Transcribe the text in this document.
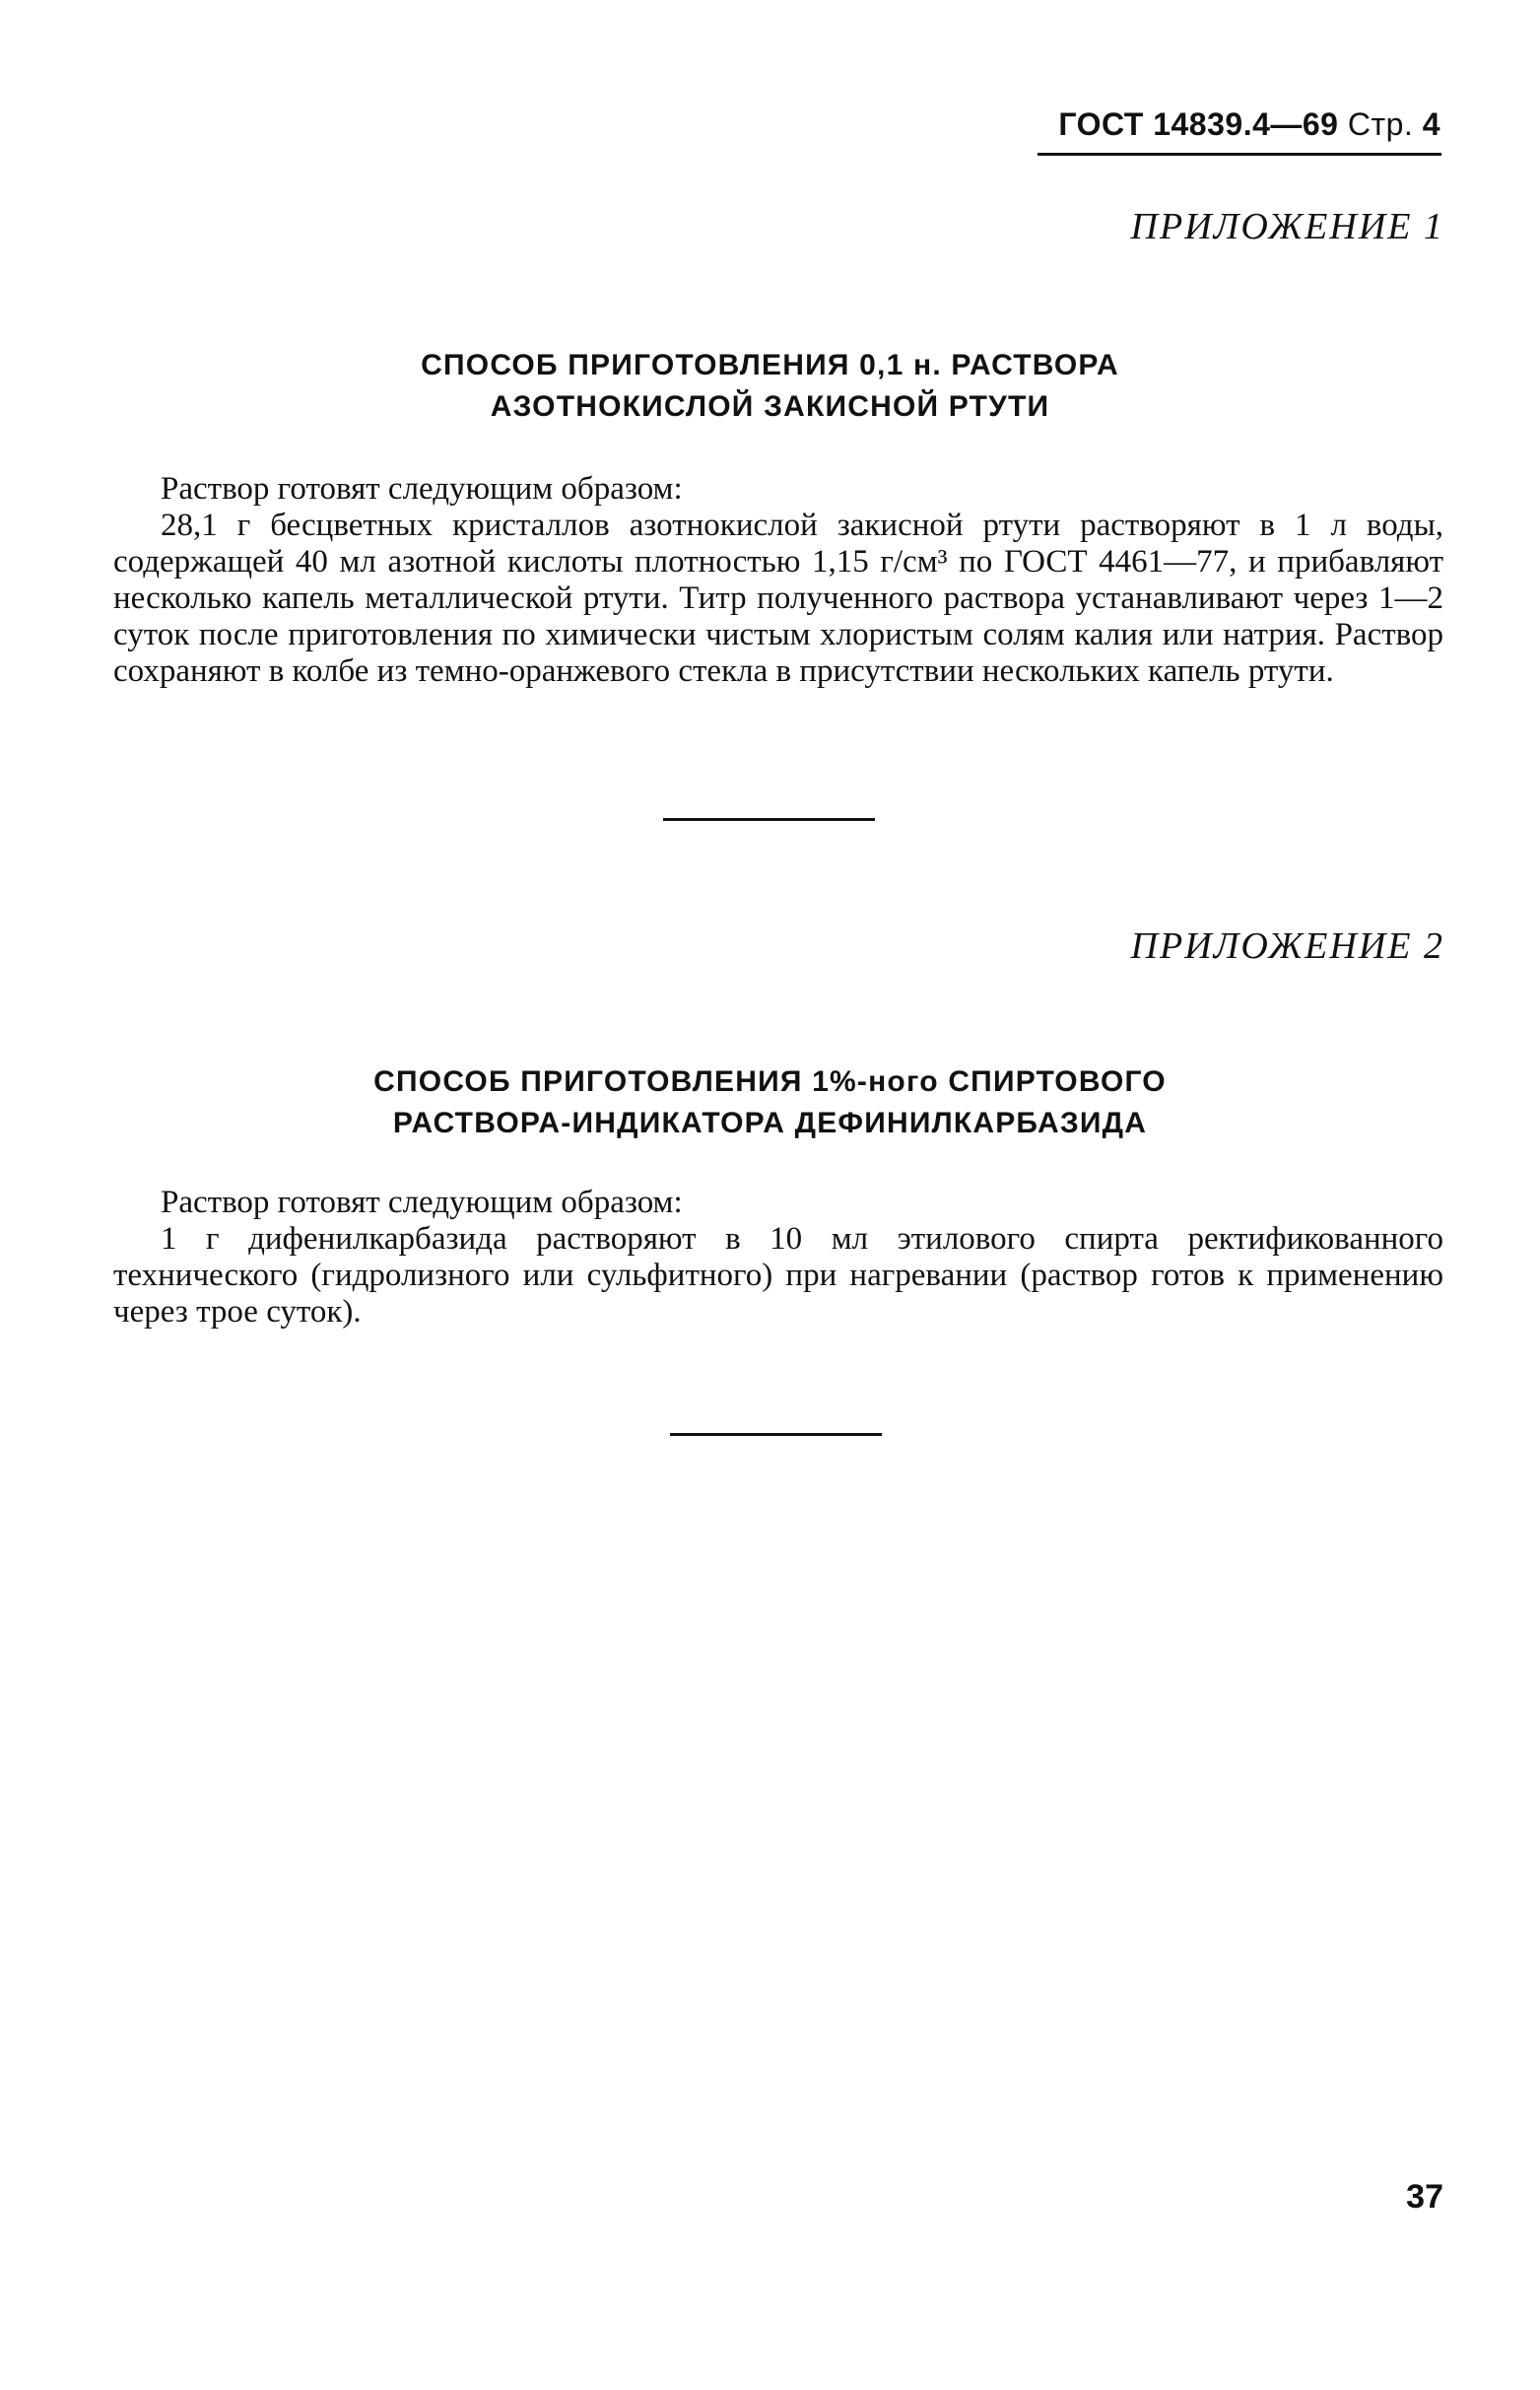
ГОСТ 14839.4—69 Стр. 4
ПРИЛОЖЕНИЕ 1
СПОСОБ ПРИГОТОВЛЕНИЯ 0,1 н. РАСТВОРА
АЗОТНОКИСЛОЙ ЗАКИСНОЙ РТУТИ

Раствор готовят следующим образом:

28,1 г бесцветных кристаллов азотнокислой закисной ртути растворяют в 1 л воды, содержащей 40 мл азотной кислоты плотностью 1,15 г/см³ по ГОСТ 4461—77, и прибавляют несколько капель металлической ртути. Титр полученного раствора устанавливают через 1—2 суток после приготовления по химически чистым хлористым солям калия или натрия. Раствор сохраняют в колбе из темно-оранжевого стекла в присутствии нескольких капель ртути.

ПРИЛОЖЕНИЕ 2
СПОСОБ ПРИГОТОВЛЕНИЯ 1%-ного СПИРТОВОГО
РАСТВОРА-ИНДИКАТОРА ДЕФИНИЛКАРБАЗИДА

Раствор готовят следующим образом:

1 г дифенилкарбазида растворяют в 10 мл этилового спирта ректификованного технического (гидролизного или сульфитного) при нагревании (раствор готов к применению через трое суток).

37
